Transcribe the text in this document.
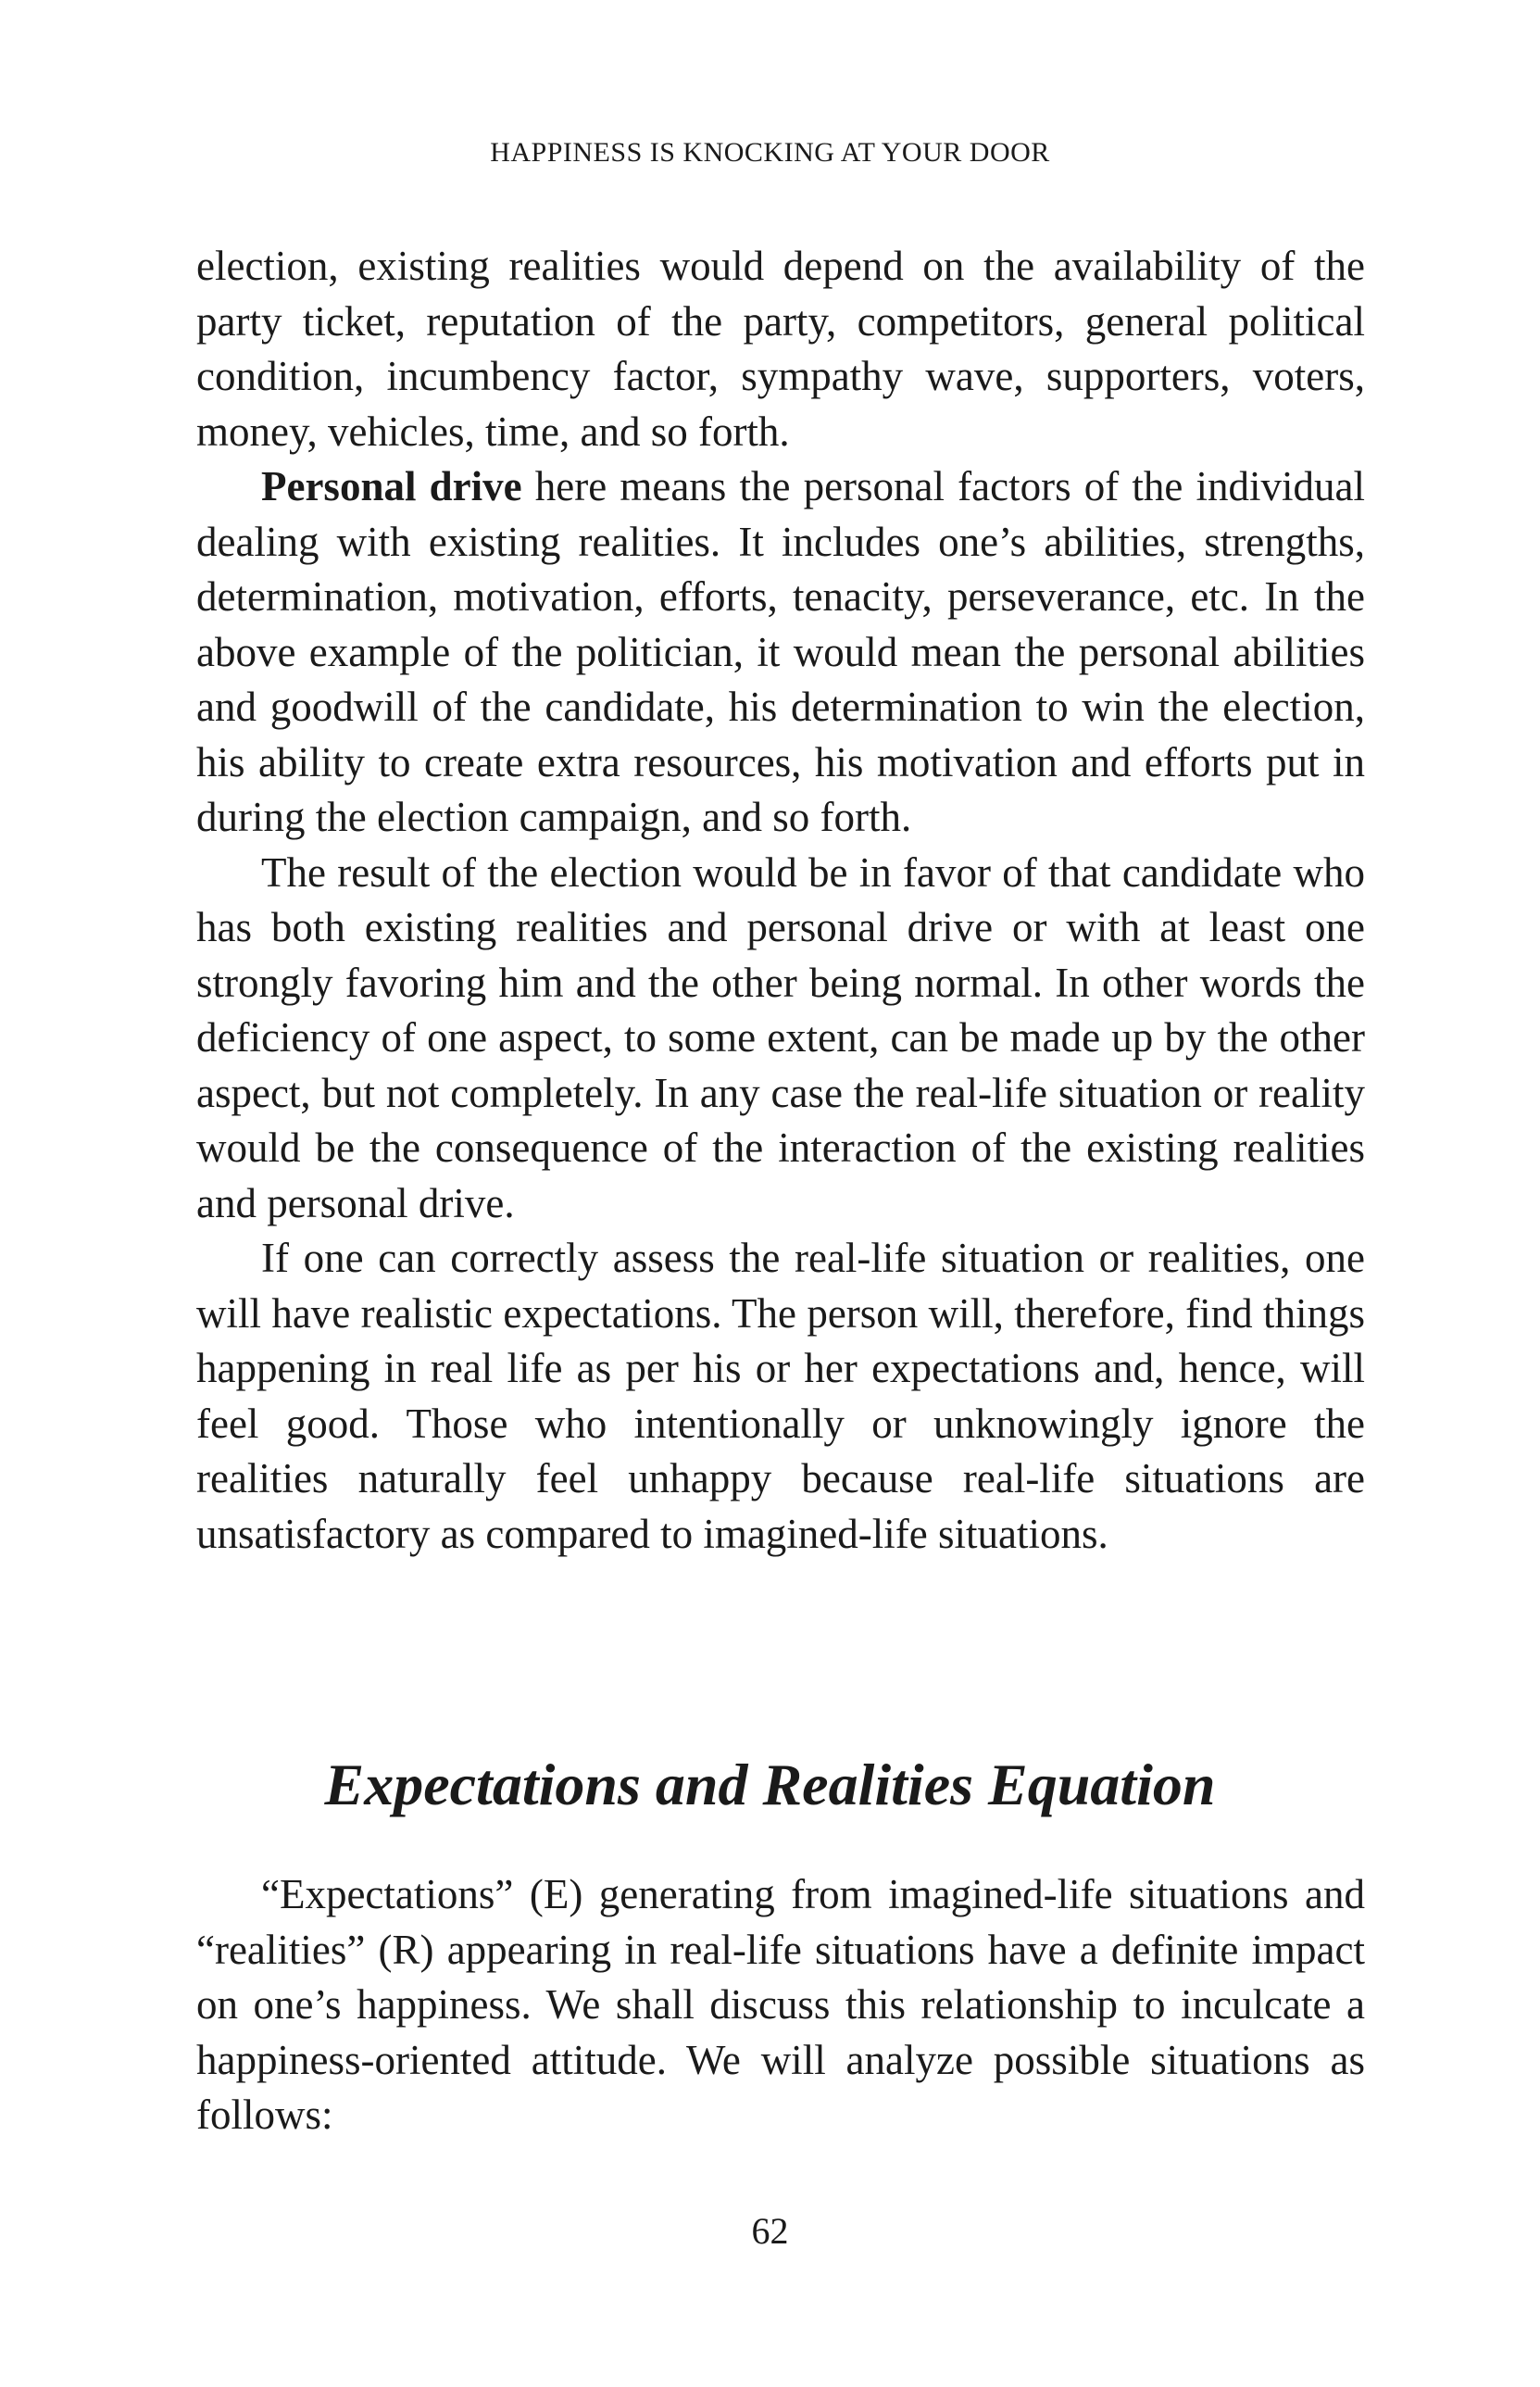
HAPPINESS IS KNOCKING AT YOUR DOOR

election, existing realities would depend on the availability of the party ticket, reputation of the party, competitors, general political condition, incumbency factor, sympathy wave, supporters, voters, money, vehicles, time, and so forth.

Personal drive here means the personal factors of the individual dealing with existing realities. It includes one’s abilities, strengths, determination, motivation, efforts, tenacity, perseverance, etc. In the above example of the politician, it would mean the personal abilities and goodwill of the candidate, his determination to win the election, his ability to create extra resources, his motivation and efforts put in during the election campaign, and so forth.

The result of the election would be in favor of that candidate who has both existing realities and personal drive or with at least one strongly favoring him and the other being normal. In other words the deficiency of one aspect, to some extent, can be made up by the other aspect, but not completely. In any case the real-life situation or reality would be the consequence of the interaction of the existing realities and personal drive.

If one can correctly assess the real-life situation or realities, one will have realistic expectations. The person will, therefore, find things happening in real life as per his or her expectations and, hence, will feel good. Those who intentionally or unknowingly ignore the realities naturally feel unhappy because real-life situations are unsatisfactory as compared to imagined-life situations.

Expectations and Realities Equation

“Expectations” (E) generating from imagined-life situations and “realities” (R) appearing in real-life situations have a definite impact on one’s happiness. We shall discuss this relationship to inculcate a happiness-oriented attitude. We will analyze possible situations as follows:

62
